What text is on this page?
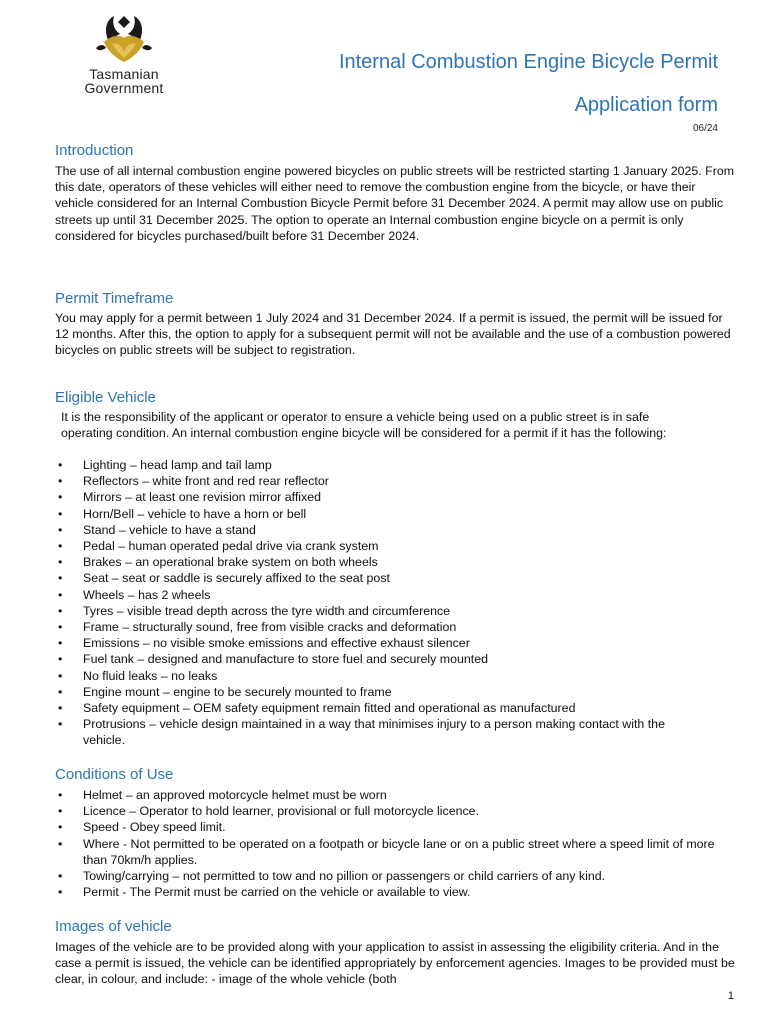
Tasmanian
Government
Internal Combustion Engine Bicycle Permit
Application form
06/24
Introduction

The use of all internal combustion engine powered bicycles on public streets will be restricted starting 1 January 2025. From this date, operators of these vehicles will either need to remove the combustion engine from the bicycle, or have their vehicle considered for an Internal Combustion Bicycle Permit before 31 December 2024. A permit may allow use on public streets up until 31 December 2025. The option to operate an Internal combustion engine bicycle on a permit is only considered for bicycles purchased/built before 31 December 2024.

Permit Timeframe

You may apply for a permit between 1 July 2024 and 31 December 2024. If a permit is issued, the permit will be issued for 12 months. After this, the option to apply for a subsequent permit will not be available and the use of a combustion powered bicycles on public streets will be subject to registration.

Eligible Vehicle

It is the responsibility of the applicant or operator to ensure a vehicle being used on a public street is in safe operating condition. An internal combustion engine bicycle will be considered for a permit if it has the following:

• Lighting – head lamp and tail lamp
• Reflectors – white front and red rear reflector
• Mirrors – at least one revision mirror affixed
• Horn/Bell – vehicle to have a horn or bell
• Stand – vehicle to have a stand
• Pedal – human operated pedal drive via crank system
• Brakes – an operational brake system on both wheels
• Seat – seat or saddle is securely affixed to the seat post
• Wheels – has 2 wheels
• Tyres – visible tread depth across the tyre width and circumference
• Frame – structurally sound, free from visible cracks and deformation
• Emissions – no visible smoke emissions and effective exhaust silencer
• Fuel tank – designed and manufacture to store fuel and securely mounted
• No fluid leaks – no leaks
• Engine mount – engine to be securely mounted to frame
• Safety equipment – OEM safety equipment remain fitted and operational as manufactured
• Protrusions – vehicle design maintained in a way that minimises injury to a person making contact with the vehicle.
Conditions of Use
• Helmet – an approved motorcycle helmet must be worn
• Licence – Operator to hold learner, provisional or full motorcycle licence.
• Speed - Obey speed limit.
• Where - Not permitted to be operated on a footpath or bicycle lane or on a public street where a speed limit of more than 70km/h applies.
• Towing/carrying – not permitted to tow and no pillion or passengers or child carriers of any kind.
• Permit - The Permit must be carried on the vehicle or available to view.
Images of vehicle

Images of the vehicle are to be provided along with your application to assist in assessing the eligibility criteria. And in the case a permit is issued, the vehicle can be identified appropriately by enforcement agencies. Images to be provided must be clear, in colour, and include: - image of the whole vehicle (both

1
